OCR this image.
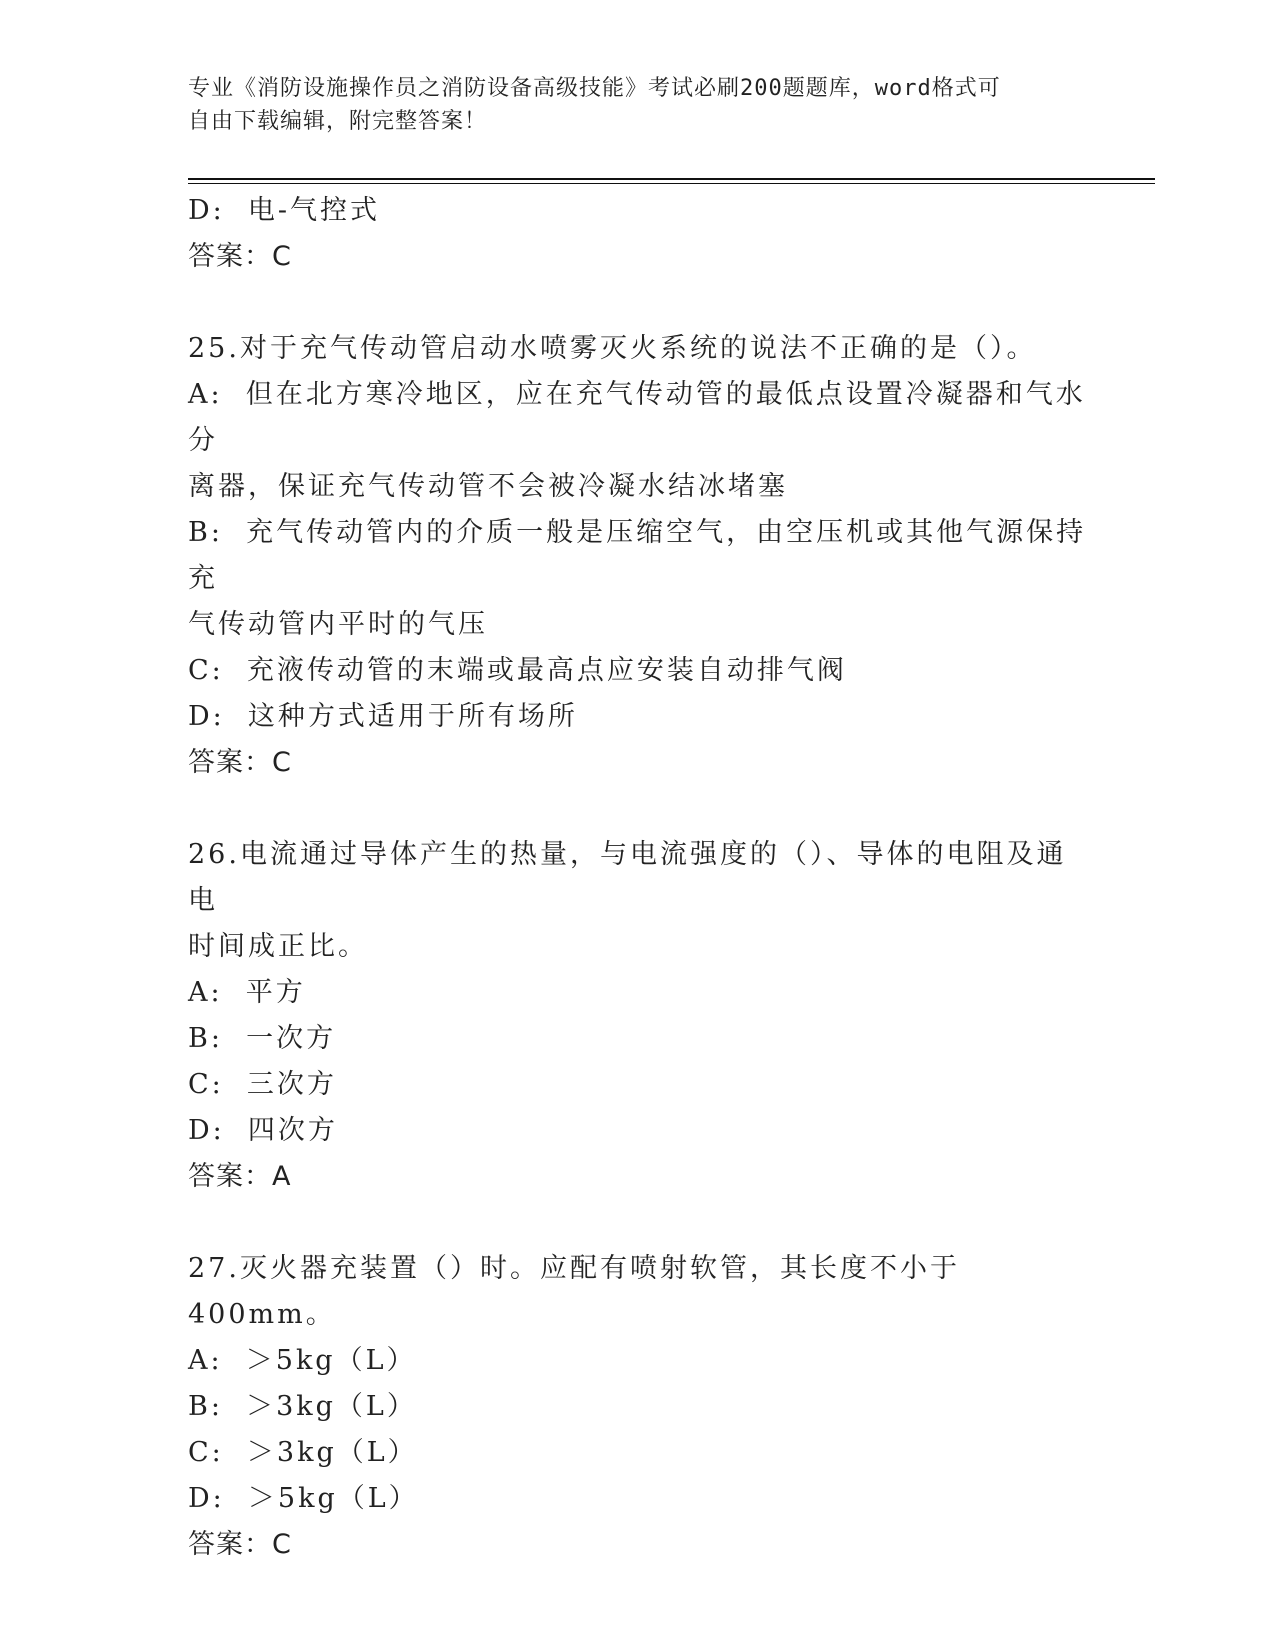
专业《消防设施操作员之消防设备高级技能》考试必刷200题题库，word格式可
自由下载编辑，附完整答案！
D:  电-气控式
答案：C
25.对于充气传动管启动水喷雾灭火系统的说法不正确的是（）。
A:  但在北方寒冷地区，应在充气传动管的最低点设置冷凝器和气水分
离器，保证充气传动管不会被冷凝水结冰堵塞
B:  充气传动管内的介质一般是压缩空气，由空压机或其他气源保持充
气传动管内平时的气压
C:  充液传动管的末端或最高点应安装自动排气阀
D:  这种方式适用于所有场所
答案：C
26.电流通过导体产生的热量，与电流强度的（）、导体的电阻及通电
时间成正比。
A:  平方
B:  一次方
C:  三次方
D:  四次方
答案：A
27.灭火器充装置（）时。应配有喷射软管，其长度不小于400mm。
A:  ＞5kg（L）
B:  ＞3kg（L）
C:  ＞3kg（L）
D:  ＞5kg（L）
答案：C
